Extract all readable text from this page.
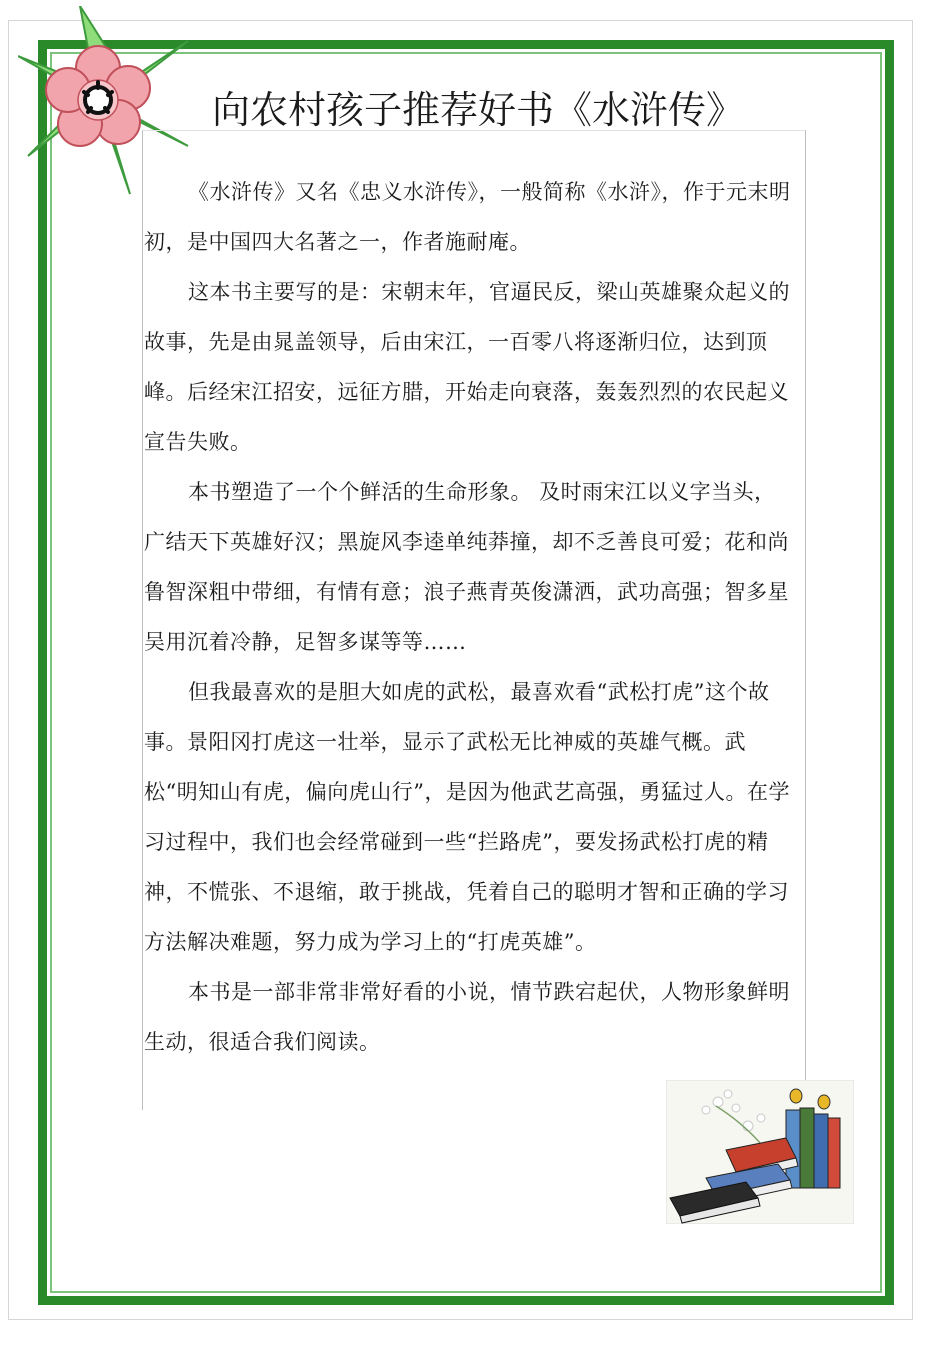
向农村孩子推荐好书《水浒传》

《水浒传》又名《忠义水浒传》，一般简称《水浒》，作于元末明初，是中国四大名著之一，作者施耐庵。

这本书主要写的是：宋朝末年，官逼民反，梁山英雄聚众起义的故事，先是由晁盖领导，后由宋江，一百零八将逐渐归位，达到顶峰。后经宋江招安，远征方腊，开始走向衰落，轰轰烈烈的农民起义宣告失败。

本书塑造了一个个鲜活的生命形象。 及时雨宋江以义字当头，广结天下英雄好汉；黑旋风李逵单纯莽撞，却不乏善良可爱；花和尚鲁智深粗中带细，有情有意；浪子燕青英俊潇洒，武功高强；智多星吴用沉着冷静，足智多谋等等……

但我最喜欢的是胆大如虎的武松，最喜欢看“武松打虎”这个故事。景阳冈打虎这一壮举，显示了武松无比神威的英雄气概。武松“明知山有虎，偏向虎山行”，是因为他武艺高强，勇猛过人。在学习过程中，我们也会经常碰到一些“拦路虎”，要发扬武松打虎的精神，不慌张、不退缩，敢于挑战，凭着自己的聪明才智和正确的学习方法解决难题，努力成为学习上的“打虎英雄”。

本书是一部非常非常好看的小说，情节跌宕起伏，人物形象鲜明生动，很适合我们阅读。
